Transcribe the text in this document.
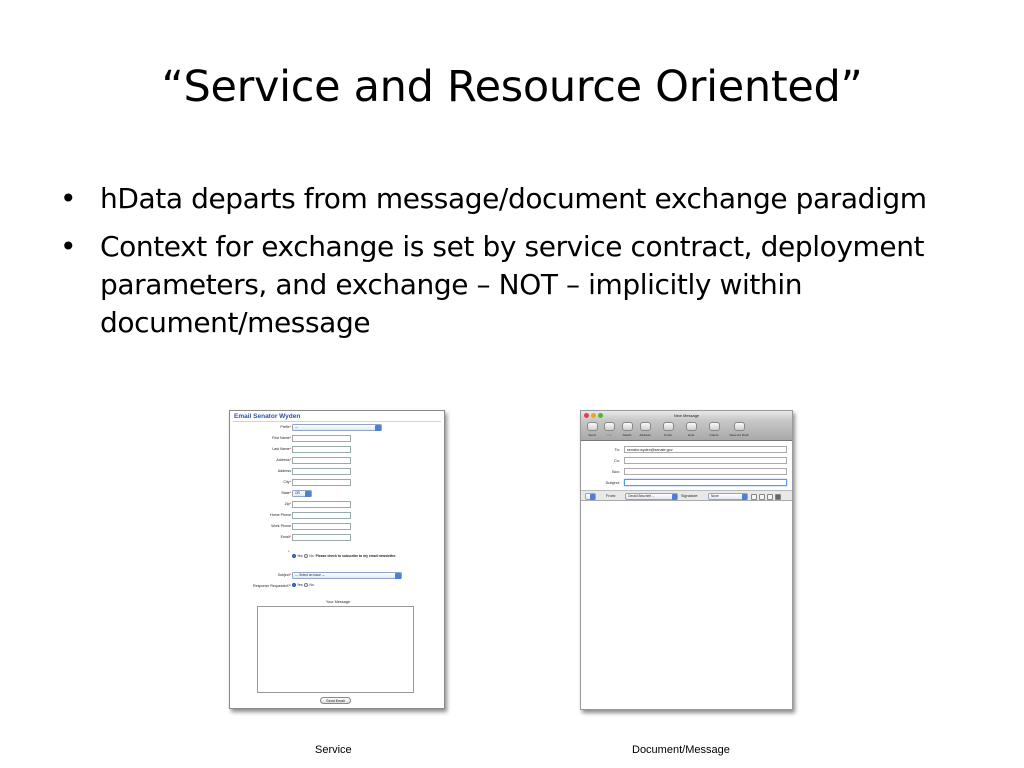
“Service and Resource Oriented”
• hData departs from message/document exchange paradigm
• Context for exchange is set by service contract, deployment parameters, and exchange – NOT – implicitly within document/message
Email Senator Wyden
Prefix*	---
First Name*
Last Name*
Address*
Address
City*
State*	OR
Zip*
Home Phone
Work Phone
Email*
*
Yes No Please check to subscribe to my email newsletter.
Subject*	--- Select an Issue ---
Response Requested?*	Yes No
Your Message
Send Email
New Message
Send	Chat	Attach	Address	Fonts	Lists	Colors	Save As Draft
To:	senator.wyden@senate.gov
Cc:
Bcc:
Subject:
From:	Gerald Beuchelt ...	Signature:	None
Service	Document/Message
